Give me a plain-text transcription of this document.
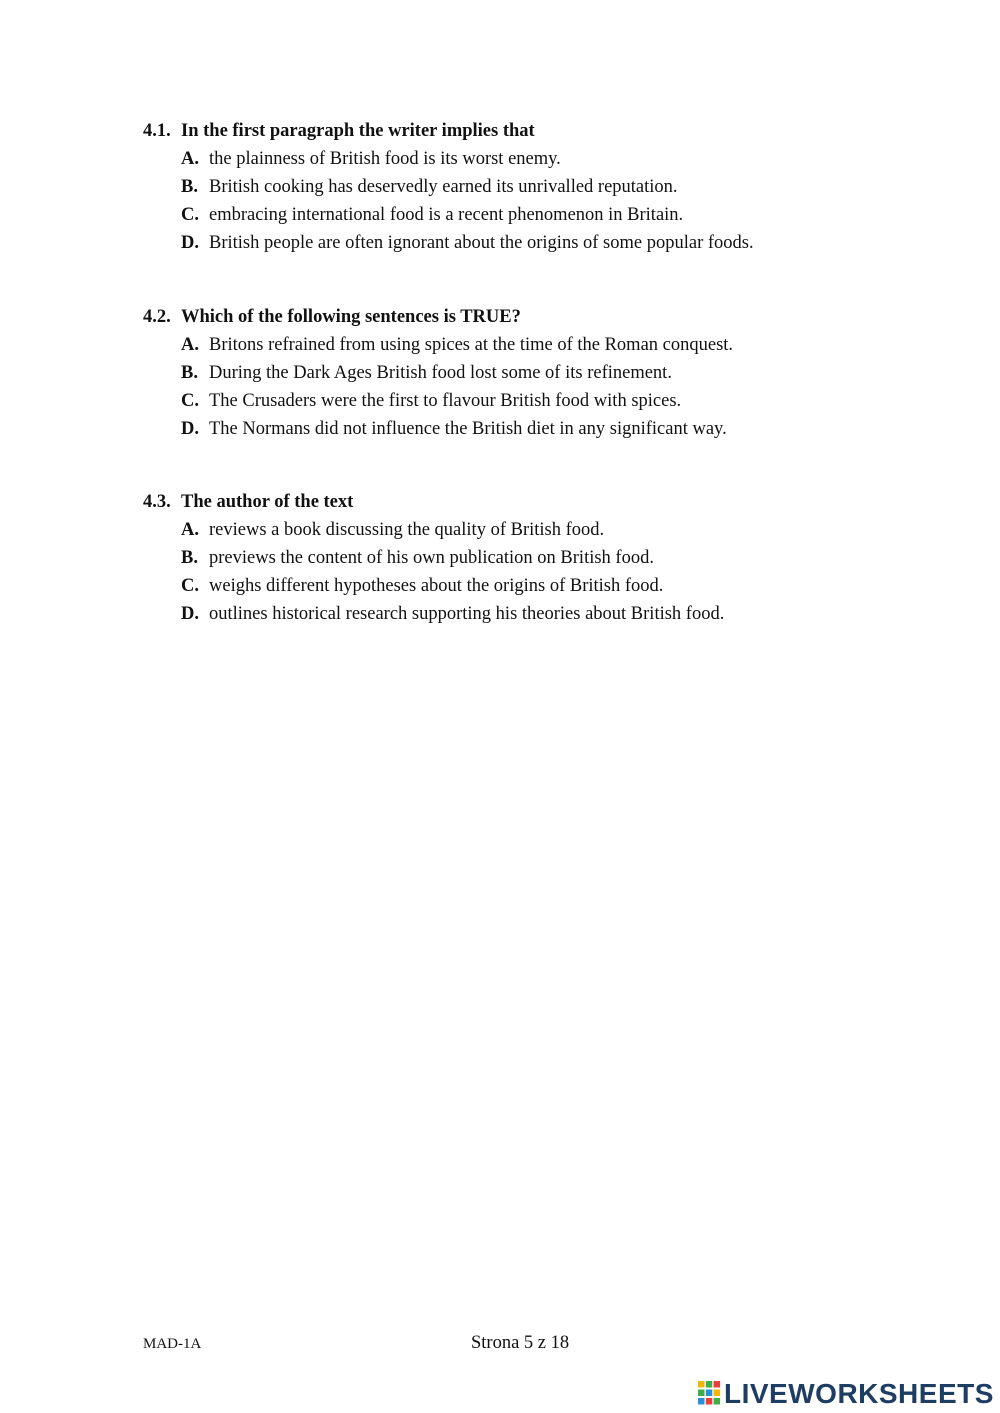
4.1. In the first paragraph the writer implies that
A. the plainness of British food is its worst enemy.
B. British cooking has deservedly earned its unrivalled reputation.
C. embracing international food is a recent phenomenon in Britain.
D. British people are often ignorant about the origins of some popular foods.
4.2. Which of the following sentences is TRUE?
A. Britons refrained from using spices at the time of the Roman conquest.
B. During the Dark Ages British food lost some of its refinement.
C. The Crusaders were the first to flavour British food with spices.
D. The Normans did not influence the British diet in any significant way.
4.3. The author of the text
A. reviews a book discussing the quality of British food.
B. previews the content of his own publication on British food.
C. weighs different hypotheses about the origins of British food.
D. outlines historical research supporting his theories about British food.
MAD-1A	Strona 5 z 18
LIVEWORKSHEETS
